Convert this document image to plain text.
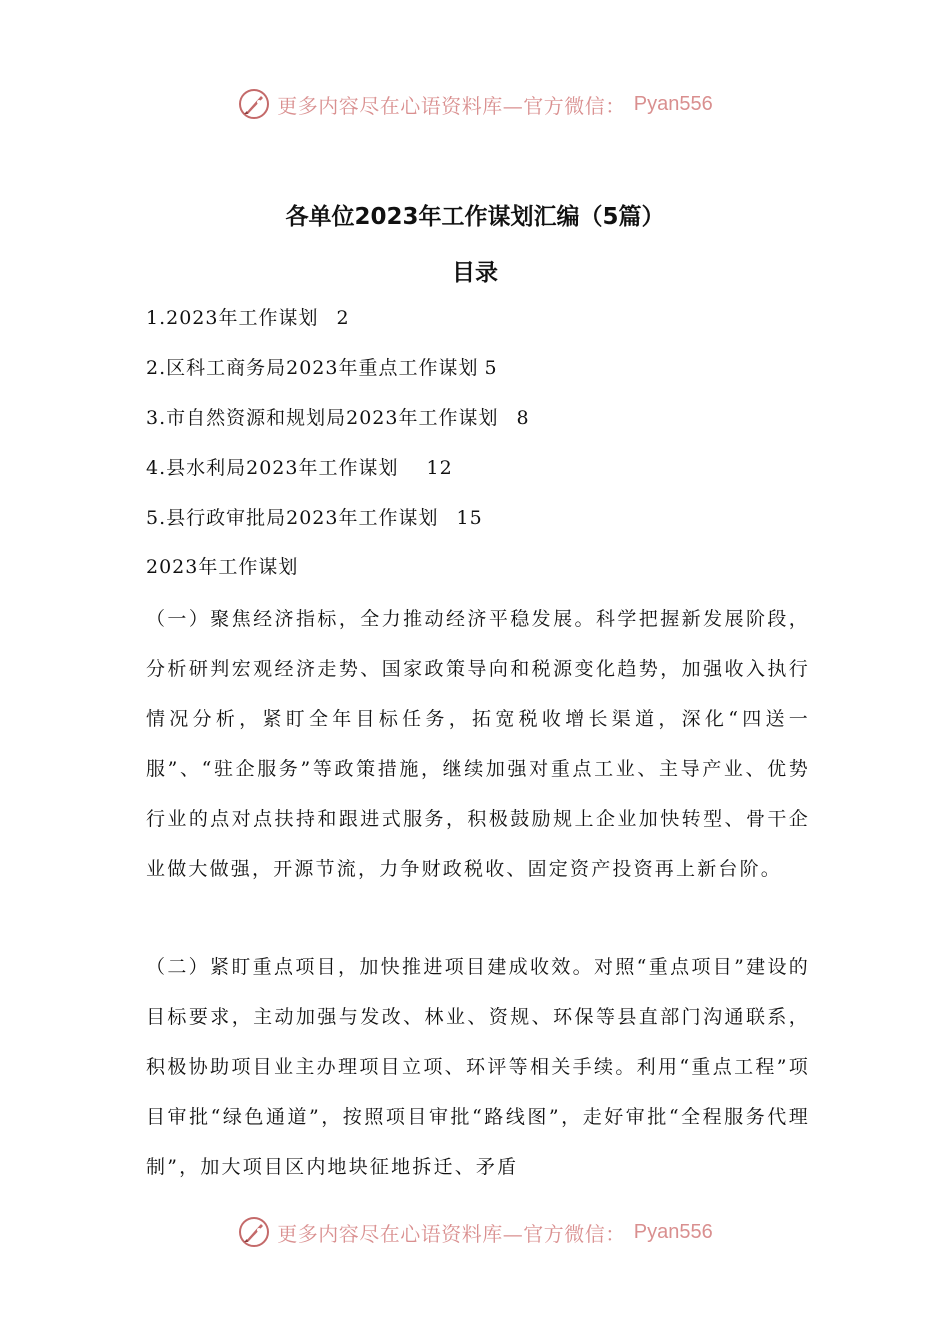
更多内容尽在心语资料库—官方微信： Pyan556
各单位2023年工作谋划汇编（5篇）
目录
1.2023年工作谋划 2
2.区科工商务局2023年重点工作谋划 5
3.市自然资源和规划局2023年工作谋划 8
4.县水利局2023年工作谋划 12
5.县行政审批局2023年工作谋划 15
2023年工作谋划

（一）聚焦经济指标，全力推动经济平稳发展。科学把握新发展阶段，分析研判宏观经济走势、国家政策导向和税源变化趋势，加强收入执行情况分析，紧盯全年目标任务，拓宽税收增长渠道，深化“四送一服”、“驻企服务”等政策措施，继续加强对重点工业、主导产业、优势行业的点对点扶持和跟进式服务，积极鼓励规上企业加快转型、骨干企业做大做强，开源节流，力争财政税收、固定资产投资再上新台阶。

（二）紧盯重点项目，加快推进项目建成收效。对照“重点项目”建设的目标要求，主动加强与发改、林业、资规、环保等县直部门沟通联系，积极协助项目业主办理项目立项、环评等相关手续。利用“重点工程”项目审批“绿色通道”，按照项目审批“路线图”，走好审批“全程服务代理制”，加大项目区内地块征地拆迁、矛盾

更多内容尽在心语资料库—官方微信： Pyan556
